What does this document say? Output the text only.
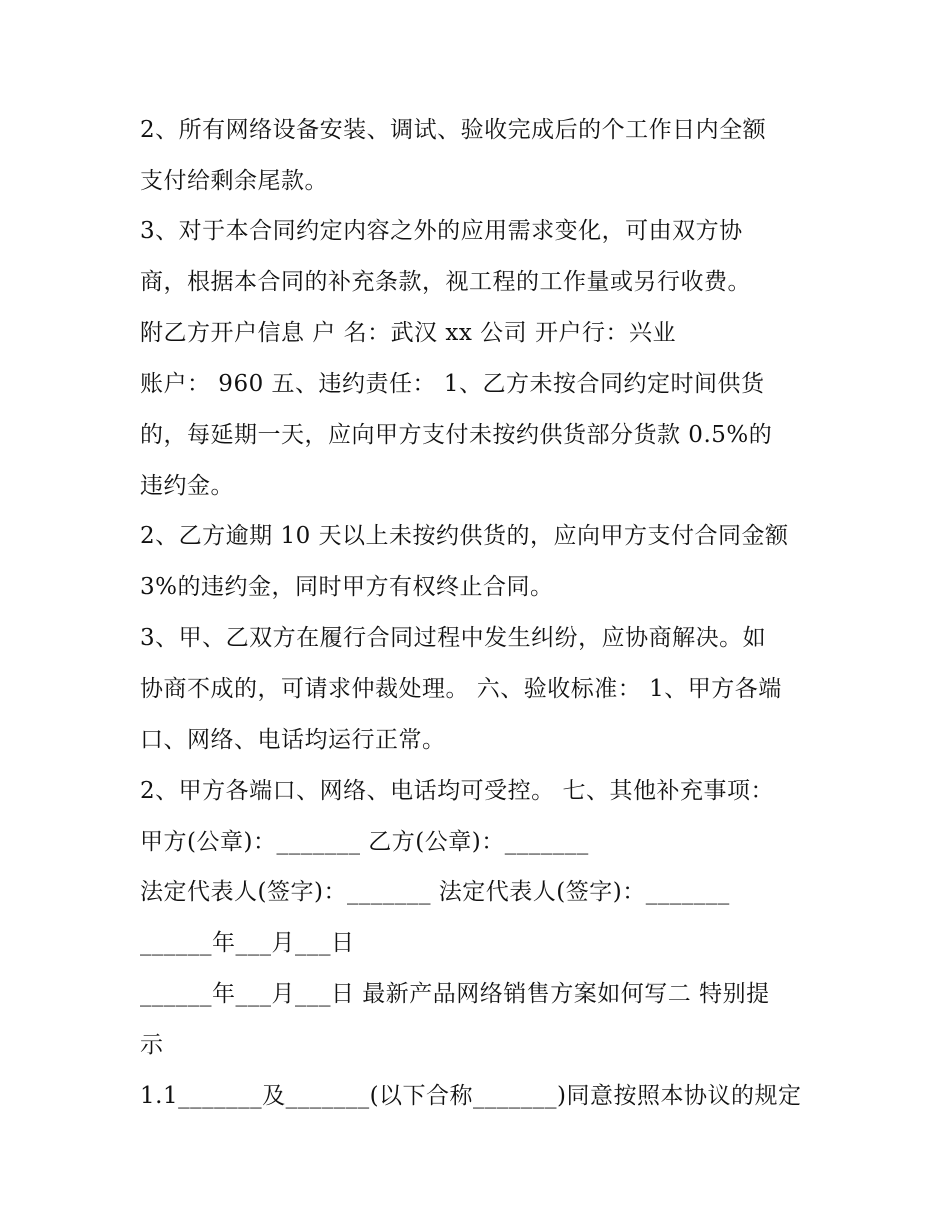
2、所有网络设备安装、调试、验收完成后的个工作日内全额
支付给剩余尾款。
3、对于本合同约定内容之外的应用需求变化，可由双方协
商，根据本合同的补充条款，视工程的工作量或另行收费。
附乙方开户信息 户 名：武汉 xx 公司 开户行：兴业
账户： 960 五、违约责任： 1、乙方未按合同约定时间供货
的，每延期一天，应向甲方支付未按约供货部分货款 0.5%的
违约金。
2、乙方逾期 10 天以上未按约供货的，应向甲方支付合同金额
3%的违约金，同时甲方有权终止合同。
3、甲、乙双方在履行合同过程中发生纠纷，应协商解决。如
协商不成的，可请求仲裁处理。 六、验收标准： 1、甲方各端
口、网络、电话均运行正常。
2、甲方各端口、网络、电话均可受控。 七、其他补充事项：
甲方(公章)：_______ 乙方(公章)：_______
法定代表人(签字)：_______ 法定代表人(签字)：_______
______年___月___日
______年___月___日 最新产品网络销售方案如何写二 特别提
示
1.1_______及_______(以下合称_______)同意按照本协议的规定
